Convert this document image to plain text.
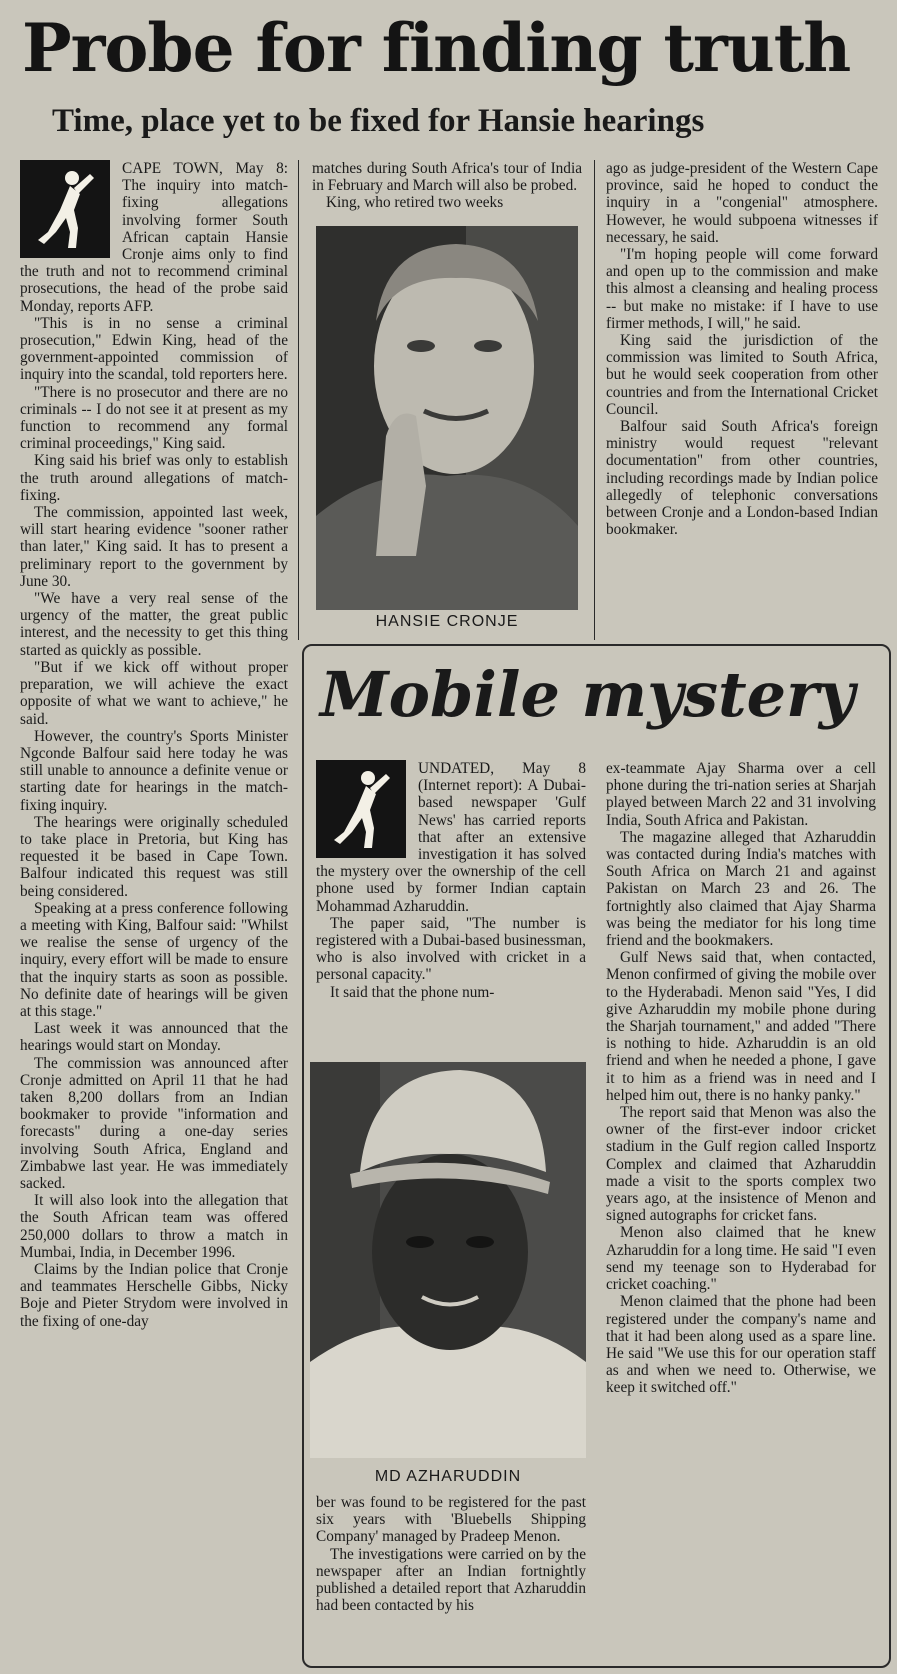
Probe for finding truth
Time, place yet to be fixed for Hansie hearings

CAPE TOWN, May 8: The inquiry into match-fixing allegations involving former South African captain Hansie Cronje aims only to find the truth and not to recommend criminal prosecutions, the head of the probe said Monday, reports AFP.

"This is in no sense a criminal prosecution," Edwin King, head of the government-appointed commission of inquiry into the scandal, told reporters here.

"There is no prosecutor and there are no criminals -- I do not see it at present as my function to recommend any formal criminal proceedings," King said.

King said his brief was only to establish the truth around allegations of match-fixing.

The commission, appointed last week, will start hearing evidence "sooner rather than later," King said. It has to present a preliminary report to the government by June 30.

"We have a very real sense of the urgency of the matter, the great public interest, and the necessity to get this thing started as quickly as possible.

"But if we kick off without proper preparation, we will achieve the exact opposite of what we want to achieve," he said.

However, the country's Sports Minister Ngconde Balfour said here today he was still unable to announce a definite venue or starting date for hearings in the match-fixing inquiry.

The hearings were originally scheduled to take place in Pretoria, but King has requested it be based in Cape Town. Balfour indicated this request was still being considered.

Speaking at a press conference following a meeting with King, Balfour said: "Whilst we realise the sense of urgency of the inquiry, every effort will be made to ensure that the inquiry starts as soon as possible. No definite date of hearings will be given at this stage."

Last week it was announced that the hearings would start on Monday.

The commission was announced after Cronje admitted on April 11 that he had taken 8,200 dollars from an Indian bookmaker to provide "information and forecasts" during a one-day series involving South Africa, England and Zimbabwe last year. He was immediately sacked.

It will also look into the allegation that the South African team was offered 250,000 dollars to throw a match in Mumbai, India, in December 1996.

Claims by the Indian police that Cronje and teammates Herschelle Gibbs, Nicky Boje and Pieter Strydom were involved in the fixing of one-day

matches during South Africa's tour of India in February and March will also be probed.

King, who retired two weeks

HANSIE CRONJE

ago as judge-president of the Western Cape province, said he hoped to conduct the inquiry in a "congenial" atmosphere. However, he would subpoena witnesses if necessary, he said.

"I'm hoping people will come forward and open up to the commission and make this almost a cleansing and healing process -- but make no mistake: if I have to use firmer methods, I will," he said.

King said the jurisdiction of the commission was limited to South Africa, but he would seek cooperation from other countries and from the International Cricket Council.

Balfour said South Africa's foreign ministry would request "relevant documentation" from other countries, including recordings made by Indian police allegedly of telephonic conversations between Cronje and a London-based Indian bookmaker.

Mobile mystery

UNDATED, May 8 (Internet report): A Dubai-based newspaper 'Gulf News' has carried reports that after an extensive investigation it has solved the mystery over the ownership of the cell phone used by former Indian captain Mohammad Azharuddin.

The paper said, "The number is registered with a Dubai-based businessman, who is also involved with cricket in a personal capacity."

It said that the phone num-

MD AZHARUDDIN

ber was found to be registered for the past six years with 'Bluebells Shipping Company' managed by Pradeep Menon.

The investigations were carried on by the newspaper after an Indian fortnightly published a detailed report that Azharuddin had been contacted by his

ex-teammate Ajay Sharma over a cell phone during the tri-nation series at Sharjah played between March 22 and 31 involving India, South Africa and Pakistan.

The magazine alleged that Azharuddin was contacted during India's matches with South Africa on March 21 and against Pakistan on March 23 and 26. The fortnightly also claimed that Ajay Sharma was being the mediator for his long time friend and the bookmakers.

Gulf News said that, when contacted, Menon confirmed of giving the mobile over to the Hyderabadi. Menon said "Yes, I did give Azharuddin my mobile phone during the Sharjah tournament," and added "There is nothing to hide. Azharuddin is an old friend and when he needed a phone, I gave it to him as a friend was in need and I helped him out, there is no hanky panky."

The report said that Menon was also the owner of the first-ever indoor cricket stadium in the Gulf region called Insportz Complex and claimed that Azharuddin made a visit to the sports complex two years ago, at the insistence of Menon and signed autographs for cricket fans.

Menon also claimed that he knew Azharuddin for a long time. He said "I even send my teenage son to Hyderabad for cricket coaching."

Menon claimed that the phone had been registered under the company's name and that it had been along used as a spare line. He said "We use this for our operation staff as and when we need to. Otherwise, we keep it switched off."
